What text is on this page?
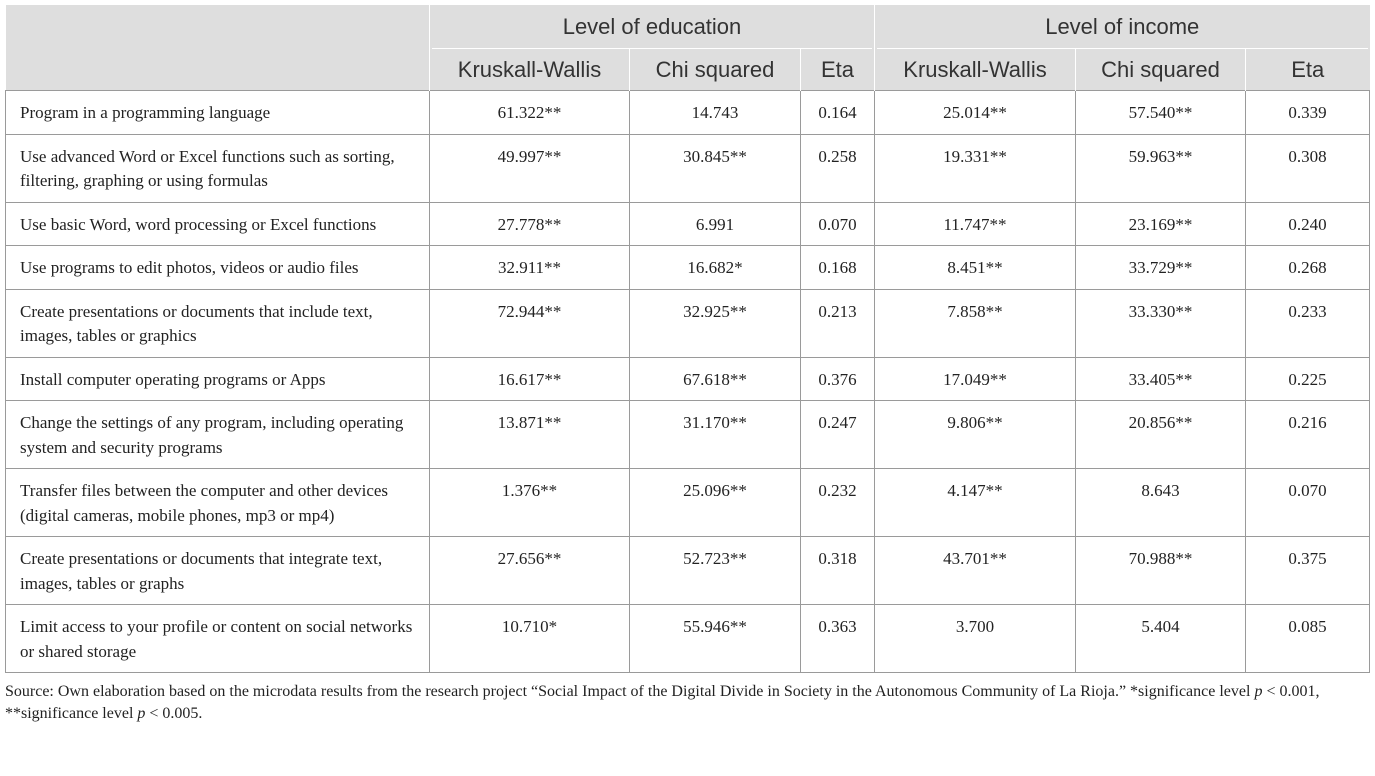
	Level of education			Level of income		

	Kruskall-Wallis	Chi squared	Eta	Kruskall-Wallis	Chi squared	Eta

Program in a programming language	61.322**	14.743	0.164	25.014**	57.540**	0.339

Use advanced Word or Excel functions such as sorting, filtering, graphing or using formulas	49.997**	30.845**	0.258	19.331**	59.963**	0.308

Use basic Word, word processing or Excel functions	27.778**	6.991	0.070	11.747**	23.169**	0.240

Use programs to edit photos, videos or audio files	32.911**	16.682*	0.168	8.451**	33.729**	0.268

Create presentations or documents that include text, images, tables or graphics	72.944**	32.925**	0.213	7.858**	33.330**	0.233

Install computer operating programs or Apps	16.617**	67.618**	0.376	17.049**	33.405**	0.225

Change the settings of any program, including operating system and security programs	13.871**	31.170**	0.247	9.806**	20.856**	0.216

Transfer files between the computer and other devices (digital cameras, mobile phones, mp3 or mp4)	1.376**	25.096**	0.232	4.147**	8.643	0.070

Create presentations or documents that integrate text, images, tables or graphs	27.656**	52.723**	0.318	43.701**	70.988**	0.375

Limit access to your profile or content on social networks or shared storage	10.710*	55.946**	0.363	3.700	5.404	0.085
Source: Own elaboration based on the microdata results from the research project “Social Impact of the Digital Divide in Society in the Autonomous Community of La Rioja.” *significance level p < 0.001, **significance level p < 0.005.
